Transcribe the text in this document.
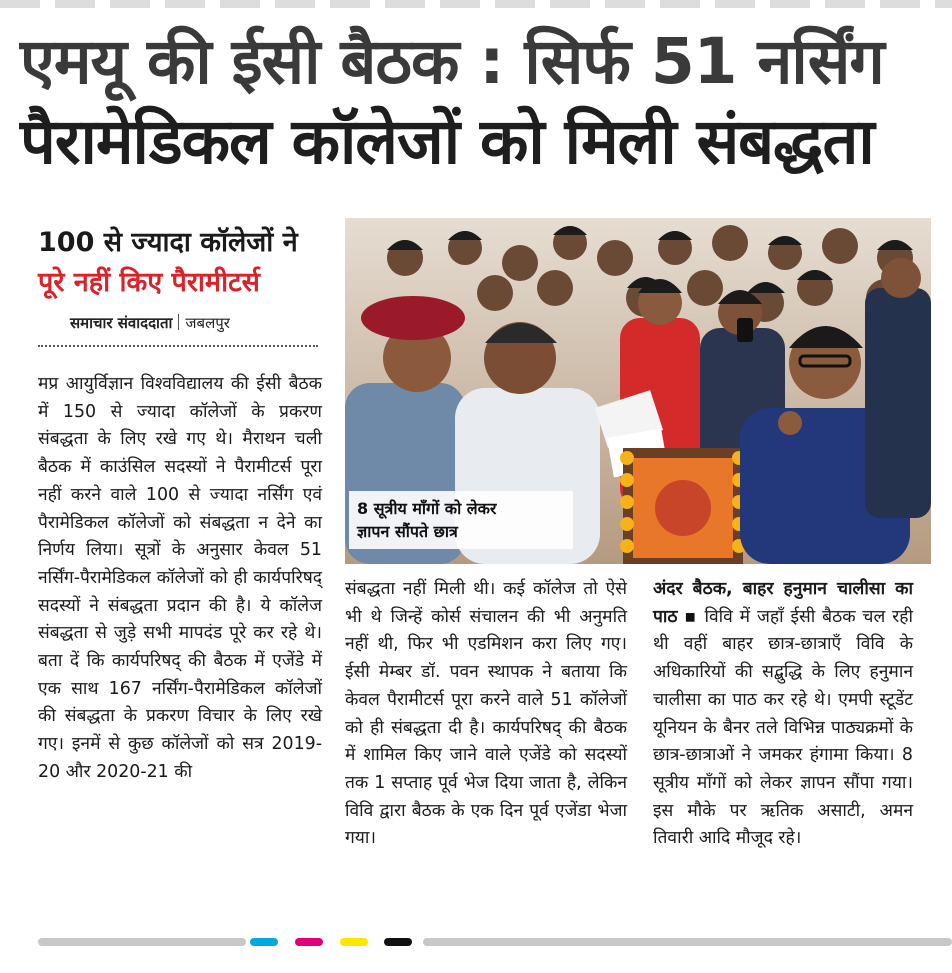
एमयू की ईसी बैठक : सिर्फ 51 नर्सिंग
पैरामेडिकल कॉलेजों को मिली संबद्धता
100 से ज्यादा कॉलेजों ने
पूरे नहीं किए पैरामीटर्स
समाचार संवाददाता जबलपुर

मप्र आयुर्विज्ञान विश्वविद्यालय की ईसी बैठक में 150 से ज्यादा कॉलेजों के प्रकरण संबद्धता के लिए रखे गए थे। मैराथन चली बैठक में काउंसिल सदस्यों ने पैरामीटर्स पूरा नहीं करने वाले 100 से ज्यादा नर्सिंग एवं पैरामेडिकल कॉलेजों को संबद्धता न देने का निर्णय लिया। सूत्रों के अनुसार केवल 51 नर्सिंग-पैरामेडिकल कॉलेजों को ही कार्यपरिषद् सदस्यों ने संबद्धता प्रदान की है। ये कॉलेज संबद्धता से जुड़े सभी मापदंड पूरे कर रहे थे। बता दें कि कार्यपरिषद् की बैठक में एजेंडे में एक साथ 167 नर्सिंग-पैरामेडिकल कॉलेजों की संबद्धता के प्रकरण विचार के लिए रखे गए। इनमें से कुछ कॉलेजों को सत्र 2019-20 और 2020-21 की

8 सूत्रीय माँगों को लेकर
ज्ञापन सौंपते छात्र

संबद्धता नहीं मिली थी। कई कॉलेज तो ऐसे भी थे जिन्हें कोर्स संचालन की भी अनुमति नहीं थी, फिर भी एडमिशन करा लिए गए। ईसी मेम्बर डॉ. पवन स्थापक ने बताया कि केवल पैरामीटर्स पूरा करने वाले 51 कॉलेजों को ही संबद्धता दी है। कार्यपरिषद् की बैठक में शामिल किए जाने वाले एजेंडे को सदस्यों तक 1 सप्ताह पूर्व भेज दिया जाता है, लेकिन विवि द्वारा बैठक के एक दिन पूर्व एजेंडा भेजा गया।

अंदर बैठक, बाहर हनुमान चालीसा का पाठ ▪ विवि में जहाँ ईसी बैठक चल रही थी वहीं बाहर छात्र-छात्राएँ विवि के अधिकारियों की सद्बुद्धि के लिए हनुमान चालीसा का पाठ कर रहे थे। एमपी स्टूडेंट यूनियन के बैनर तले विभिन्न पाठ्यक्रमों के छात्र-छात्राओं ने जमकर हंगामा किया। 8 सूत्रीय माँगों को लेकर ज्ञापन सौंपा गया। इस मौके पर ऋतिक असाटी, अमन तिवारी आदि मौजूद रहे।
